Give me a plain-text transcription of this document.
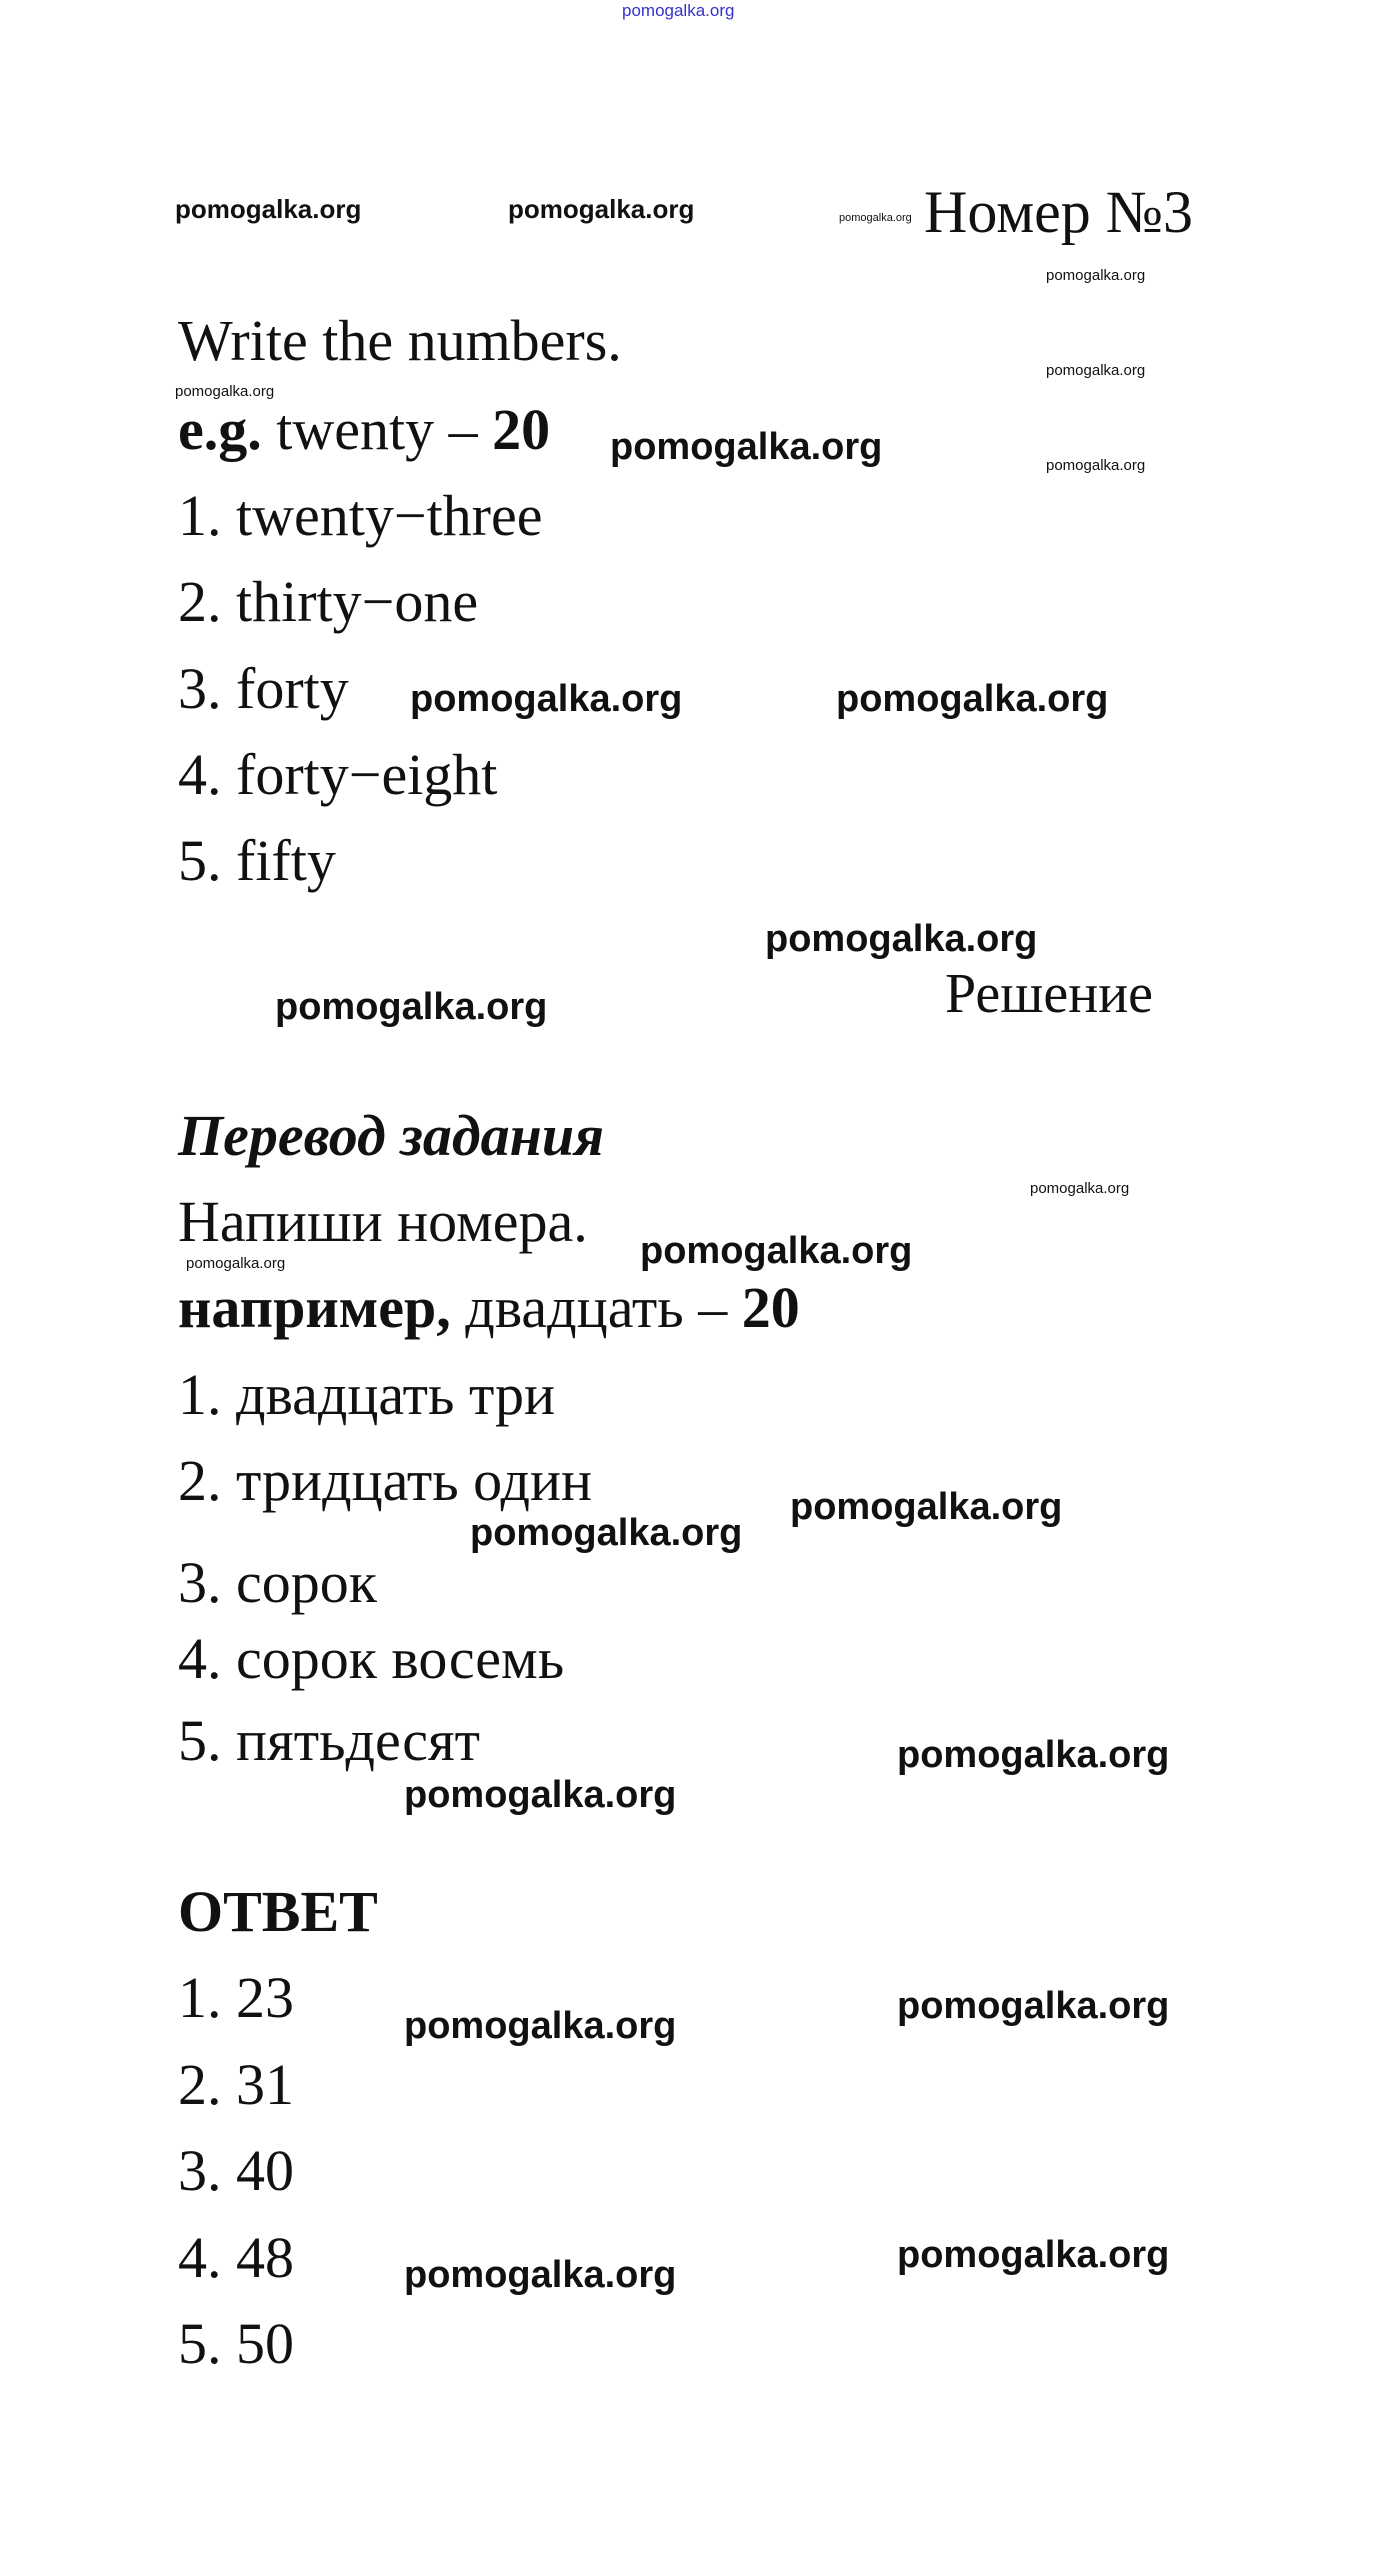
pomogalka.org
pomogalka.org	pomogalka.org	pomogalka.org
pomogalka.org
pomogalka.org
pomogalka.org
pomogalka.org	pomogalka.org
pomogalka.org	pomogalka.org
pomogalka.org
pomogalka.org
pomogalka.org
pomogalka.org
pomogalka.org
pomogalka.org
pomogalka.org
pomogalka.org
pomogalka.org
pomogalka.org
pomogalka.org
pomogalka.org
pomogalka.org
Номер №3
Write the numbers.
e.g. twenty – 20
1. twenty−three
2. thirty−one
3. forty
4. forty−eight
5. fifty
Решение
Перевод задания
Напиши номера.
например, двадцать – 20
1. двадцать три
2. тридцать один
3. сорок
4. сорок восемь
5. пятьдесят
ОТВЕТ
1. 23
2. 31
3. 40
4. 48
5. 50
